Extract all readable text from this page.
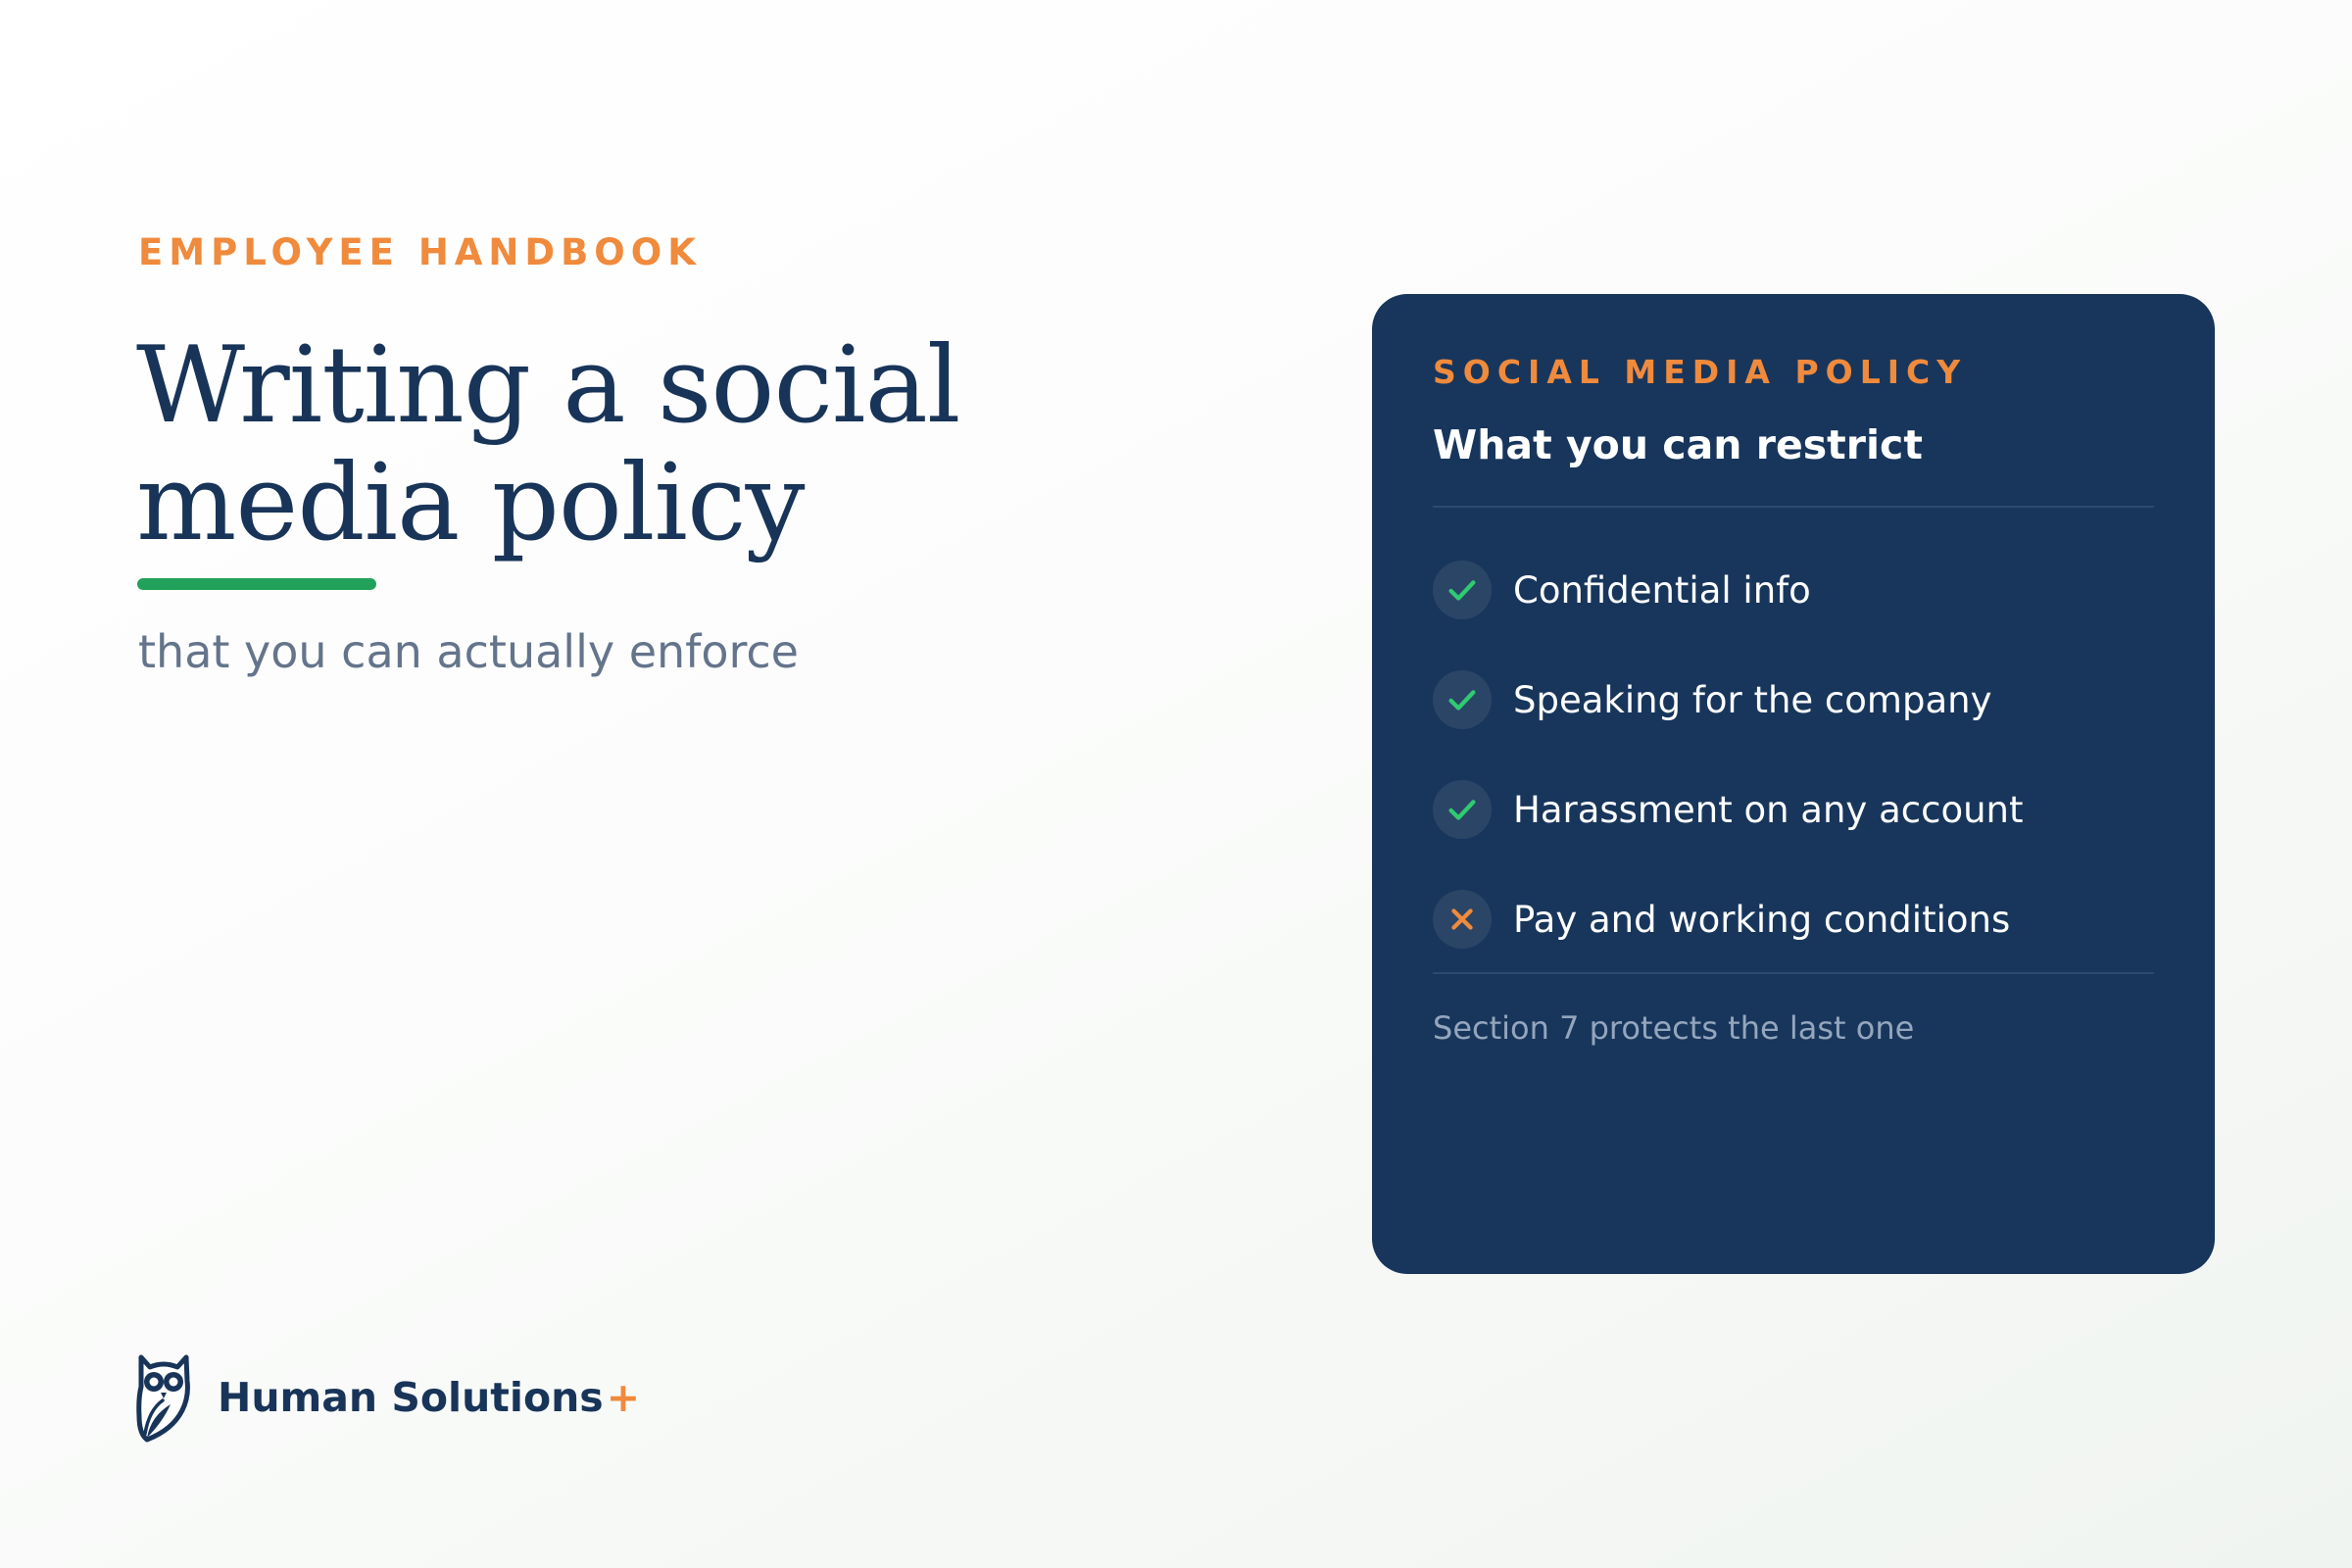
EMPLOYEE HANDBOOK

Writing a social
media policy

that you can actually enforce

Human Solutions +

SOCIAL MEDIA POLICY

What you can restrict
Confidential info
Speaking for the company
Harassment on any account
Pay and working conditions

Section 7 protects the last one
